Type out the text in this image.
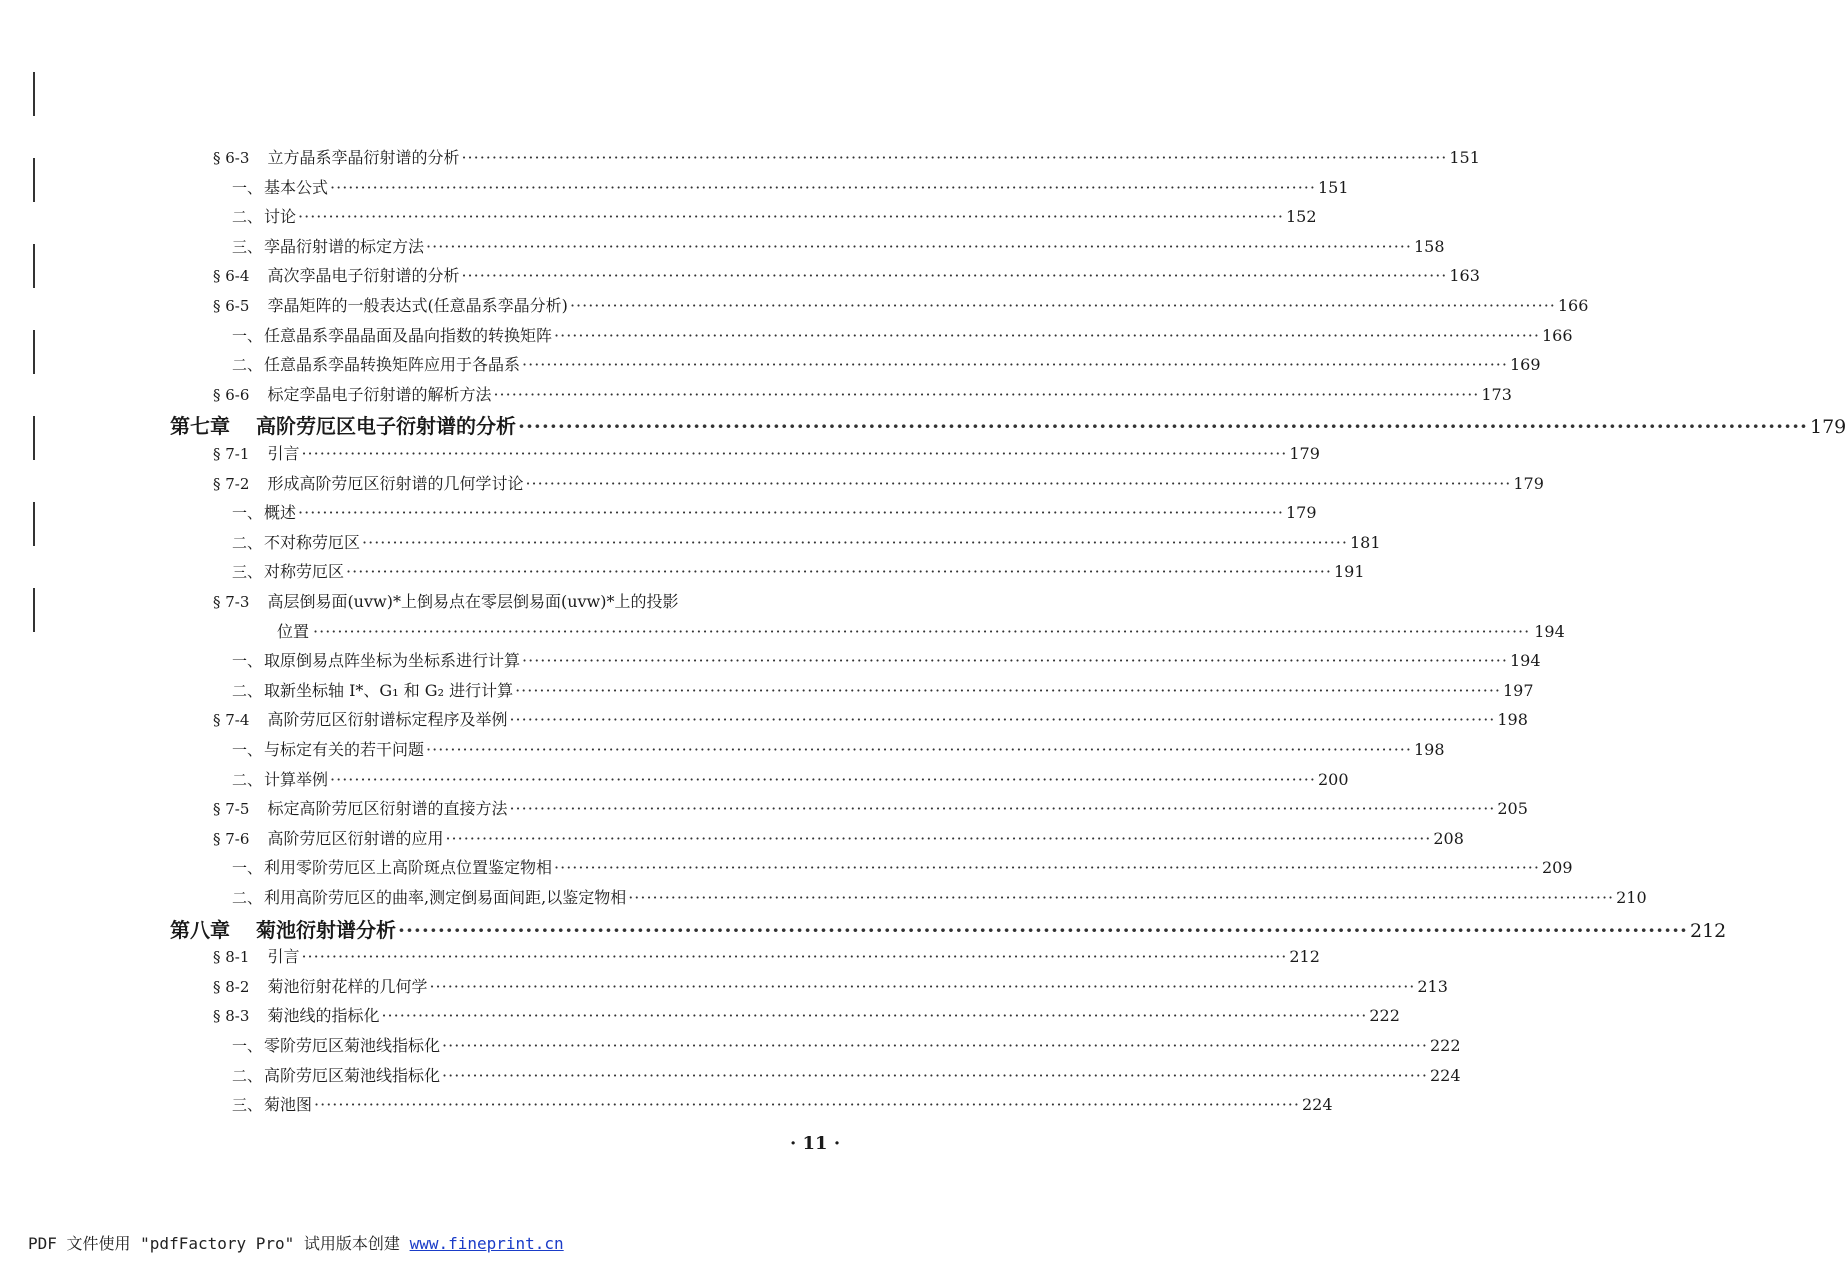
§ 6-3 立方晶系孪晶衍射谱的分析 ·····	151
一、 基本公式 ·····	151
二、 讨论 ·····	152
三、 孪晶衍射谱的标定方法 ·····	158
§ 6-4 高次孪晶电子衍射谱的分析 ·····	163
§ 6-5 孪晶矩阵的一般表达式(任意晶系孪晶分析) ·····	166
一、 任意晶系孪晶晶面及晶向指数的转换矩阵 ·····	166
二、 任意晶系孪晶转换矩阵应用于各晶系 ·····	169
§ 6-6 标定孪晶电子衍射谱的解析方法 ·····	173
第七章 高阶劳厄区电子衍射谱的分析 ·····	179
§ 7-1 引言 ·····	179
§ 7-2 形成高阶劳厄区衍射谱的几何学讨论 ·····	179
一、 概述 ·····	179
二、 不对称劳厄区 ·····	181
三、 对称劳厄区 ·····	191
§ 7-3 高层倒易面(uvw)*上倒易点在零层倒易面(uvw)*上的投影
位置 ········································································································································································································ 194
一、 取原倒易点阵坐标为坐标系进行计算 ·····	194
二、 取新坐标轴 I*、G₁ 和 G₂ 进行计算 ·····	197
§ 7-4 高阶劳厄区衍射谱标定程序及举例 ·····	198
一、 与标定有关的若干问题 ·····	198
二、 计算举例 ·····	200
§ 7-5 标定高阶劳厄区衍射谱的直接方法 ·····	205
§ 7-6 高阶劳厄区衍射谱的应用 ·····	208
一、 利用零阶劳厄区上高阶斑点位置鉴定物相 ·····	209
二、 利用高阶劳厄区的曲率,测定倒易面间距,以鉴定物相 ·····	210
第八章 菊池衍射谱分析 ·····	212
§ 8-1 引言 ·····	212
§ 8-2 菊池衍射花样的几何学 ·····	213
§ 8-3 菊池线的指标化 ·····	222
一、 零阶劳厄区菊池线指标化 ·····	222
二、 高阶劳厄区菊池线指标化 ·····	224
三、 菊池图 ·····	224
· 11 ·
PDF 文件使用 "pdfFactory Pro" 试用版本创建 www.fineprint.cn
